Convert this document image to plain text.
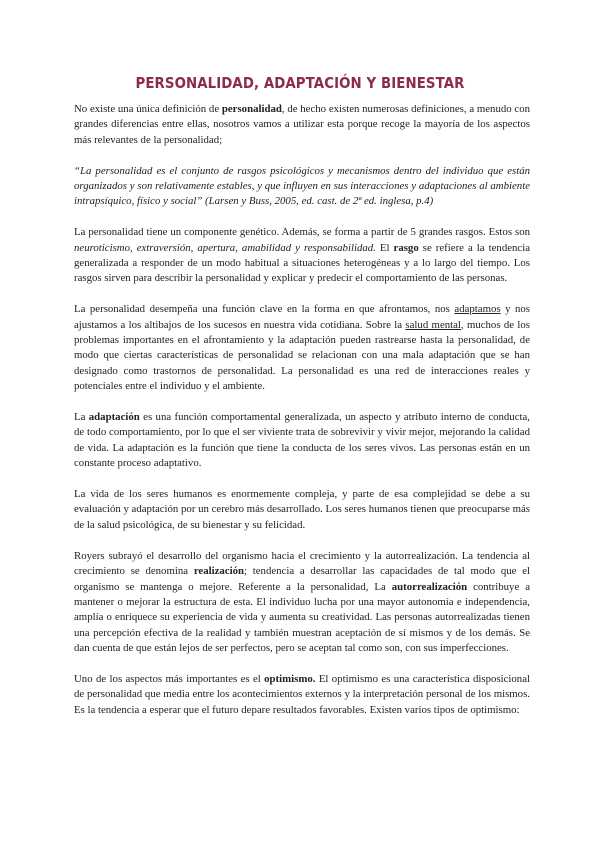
PERSONALIDAD, ADAPTACIÓN Y BIENESTAR

No existe una única definición de personalidad, de hecho existen numerosas definiciones, a menudo con grandes diferencias entre ellas, nosotros vamos a utilizar esta porque recoge la mayoría de los aspectos más relevantes de la personalidad;

“La personalidad es el conjunto de rasgos psicológicos y mecanismos dentro del individuo que están organizados y son relativamente estables, y que influyen en sus interacciones y adaptaciones al ambiente intrapsíquico, físico y social” (Larsen y Buss, 2005, ed. cast. de 2ª ed. inglesa, p.4)

La personalidad tiene un componente genético. Además, se forma a partir de 5 grandes rasgos. Estos son neuroticismo, extraversión, apertura, amabilidad y responsabilidad. El rasgo se refiere a la tendencia generalizada a responder de un modo habitual a situaciones heterogéneas y a lo largo del tiempo. Los rasgos sirven para describir la personalidad y explicar y predecir el comportamiento de las personas.

La personalidad desempeña una función clave en la forma en que afrontamos, nos adaptamos y nos ajustamos a los altibajos de los sucesos en nuestra vida cotidiana. Sobre la salud mental, muchos de los problemas importantes en el afrontamiento y la adaptación pueden rastrearse hasta la personalidad, de modo que ciertas características de personalidad se relacionan con una mala adaptación que se han designado como trastornos de personalidad. La personalidad es una red de interacciones reales y potenciales entre el individuo y el ambiente.

La adaptación es una función comportamental generalizada, un aspecto y atributo interno de conducta, de todo comportamiento, por lo que el ser viviente trata de sobrevivir y vivir mejor, mejorando la calidad de vida. La adaptación es la función que tiene la conducta de los seres vivos. Las personas están en un constante proceso adaptativo.

La vida de los seres humanos es enormemente compleja, y parte de esa complejidad se debe a su evaluación y adaptación por un cerebro más desarrollado. Los seres humanos tienen que preocuparse más de la salud psicológica, de su bienestar y su felicidad.

Royers subrayó el desarrollo del organismo hacia el crecimiento y la autorrealización. La tendencia al crecimiento se denomina realización; tendencia a desarrollar las capacidades de tal modo que el organismo se mantenga o mejore. Referente a la personalidad, La autorrealización contribuye a mantener o mejorar la estructura de esta. El individuo lucha por una mayor autonomía e independencia, amplía o enriquece su experiencia de vida y aumenta su creatividad. Las personas autorrealizadas tienen una percepción efectiva de la realidad y también muestran aceptación de sí mismos y de los demás. Se dan cuenta de que están lejos de ser perfectos, pero se aceptan tal como son, con sus imperfecciones.

Uno de los aspectos más importantes es el optimismo. El optimismo es una característica disposicional de personalidad que media entre los acontecimientos externos y la interpretación personal de los mismos. Es la tendencia a esperar que el futuro depare resultados favorables. Existen varios tipos de optimismo:
